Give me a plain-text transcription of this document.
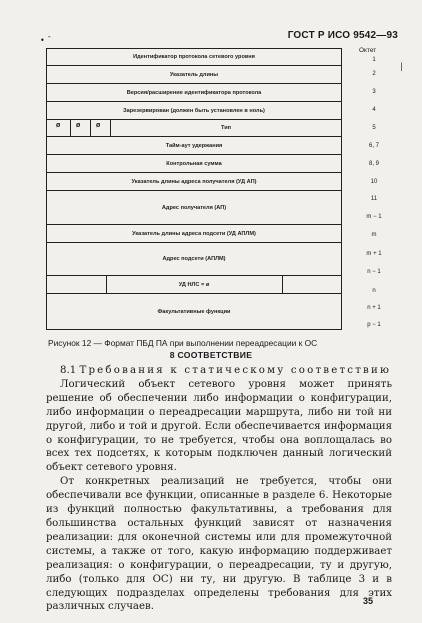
ГОСТ Р ИСО 9542—93
• ˉ
Октет
Идентификатор протокола сетевого уровня
Указатель длины
Версия/расширение идентификатора протокола
Зарезервирован (должен быть установлен в ноль)
ø ø ø	Тип
Тайм-аут удержания
Контрольная сумма
Указатель длины адреса получателя (УД АП)
Адрес получателя (АП)
Указатель длины адреса подсети (УД АПЛМ)
Адрес подсети (АПЛМ)
УД НЛС = ø
Факультативные функции
1
2
3
4
5
6, 7
8, 9
10
11
m − 1
m
m + 1
n − 1
n
n + 1
p − 1
|
Рисунок 12 — Формат ПБД ПА при выполнении переадресации к ОС
8 СООТВЕТСТВИЕ

8.1 Требования к статическому соответствию

Логический объект сетевого уровня может принять решение об обеспечении либо информации о конфигурации, либо информации о переадресации маршрута, либо ни той ни другой, либо и той и другой. Если обеспечивается информация о конфигурации, то не требуется, чтобы она воплощалась во всех тех подсетях, к которым подключен данный логический объект сетевого уровня.

От конкретных реализаций не требуется, чтобы они обеспечивали все функции, описанные в разделе 6. Некоторые из функций полностью факультативны, а требования для большинства остальных функций зависят от назначения реализации: для оконечной системы или для промежуточной системы, а также от того, какую информацию поддерживает реализация: о конфигурации, о переадресации, ту и другую, либо (только для ОС) ни ту, ни другую. В таблице 3 и в следующих подразделах определены требования для этих различных случаев.

35
